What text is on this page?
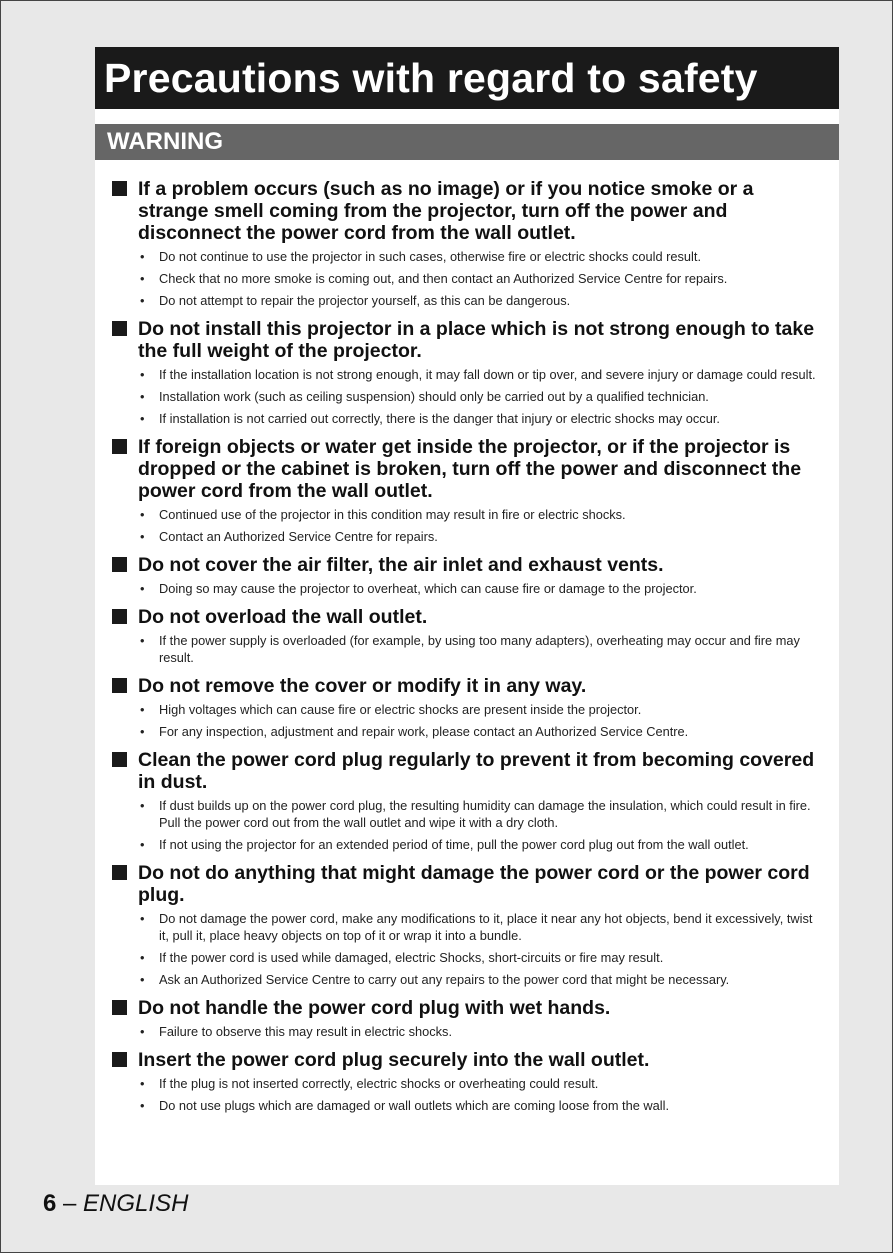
Precautions with regard to safety
WARNING
If a problem occurs (such as no image) or if you notice smoke or a strange smell coming from the projector, turn off the power and disconnect the power cord from the wall outlet.
• Do not continue to use the projector in such cases, otherwise fire or electric shocks could result.
• Check that no more smoke is coming out, and then contact an Authorized Service Centre for repairs.
• Do not attempt to repair the projector yourself, as this can be dangerous.
Do not install this projector in a place which is not strong enough to take the full weight of the projector.
• If the installation location is not strong enough, it may fall down or tip over, and severe injury or damage could result.
• Installation work (such as ceiling suspension) should only be carried out by a qualified technician.
• If installation is not carried out correctly, there is the danger that injury or electric shocks may occur.
If foreign objects or water get inside the projector, or if the projector is dropped or the cabinet is broken, turn off the power and disconnect the power cord from the wall outlet.
• Continued use of the projector in this condition may result in fire or electric shocks.
• Contact an Authorized Service Centre for repairs.
Do not cover the air filter, the air inlet and exhaust vents.
• Doing so may cause the projector to overheat, which can cause fire or damage to the projector.
Do not overload the wall outlet.
• If the power supply is overloaded (for example, by using too many adapters), overheating may occur and fire may result.
Do not remove the cover or modify it in any way.
• High voltages which can cause fire or electric shocks are present inside the projector.
• For any inspection, adjustment and repair work, please contact an Authorized Service Centre.
Clean the power cord plug regularly to prevent it from becoming covered in dust.
• If dust builds up on the power cord plug, the resulting humidity can damage the insulation, which could result in fire. Pull the power cord out from the wall outlet and wipe it with a dry cloth.
• If not using the projector for an extended period of time, pull the power cord plug out from the wall outlet.
Do not do anything that might damage the power cord or the power cord plug.
• Do not damage the power cord, make any modifications to it, place it near any hot objects, bend it excessively, twist it, pull it, place heavy objects on top of it or wrap it into a bundle.
• If the power cord is used while damaged, electric Shocks, short-circuits or fire may result.
• Ask an Authorized Service Centre to carry out any repairs to the power cord that might be necessary.
Do not handle the power cord plug with wet hands.
• Failure to observe this may result in electric shocks.
Insert the power cord plug securely into the wall outlet.
• If the plug is not inserted correctly, electric shocks or overheating could result.
• Do not use plugs which are damaged or wall outlets which are coming loose from the wall.
6 – ENGLISH
